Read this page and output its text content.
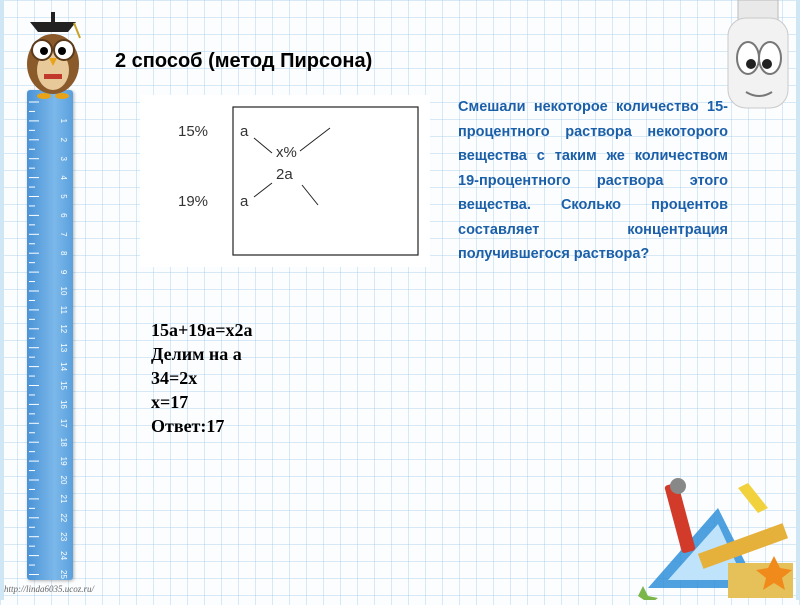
1
2
3
4
5
6
7
8
9
10
11
12
13
14
15
16
17
18
19
20
21
22
23
24
25
2 способ (метод Пирсона)
15%
19%
a
a
x%
2a
Смешали некоторое количество 15-процентного раствора некоторого вещества с таким же количеством 19-процентного раствора этого вещества. Сколько процентов составляет концентрация получившегося раствора?
15a+19a=x2a
Делим на a
34=2x
x=17
Ответ:17
http://linda6035.ucoz.ru/
